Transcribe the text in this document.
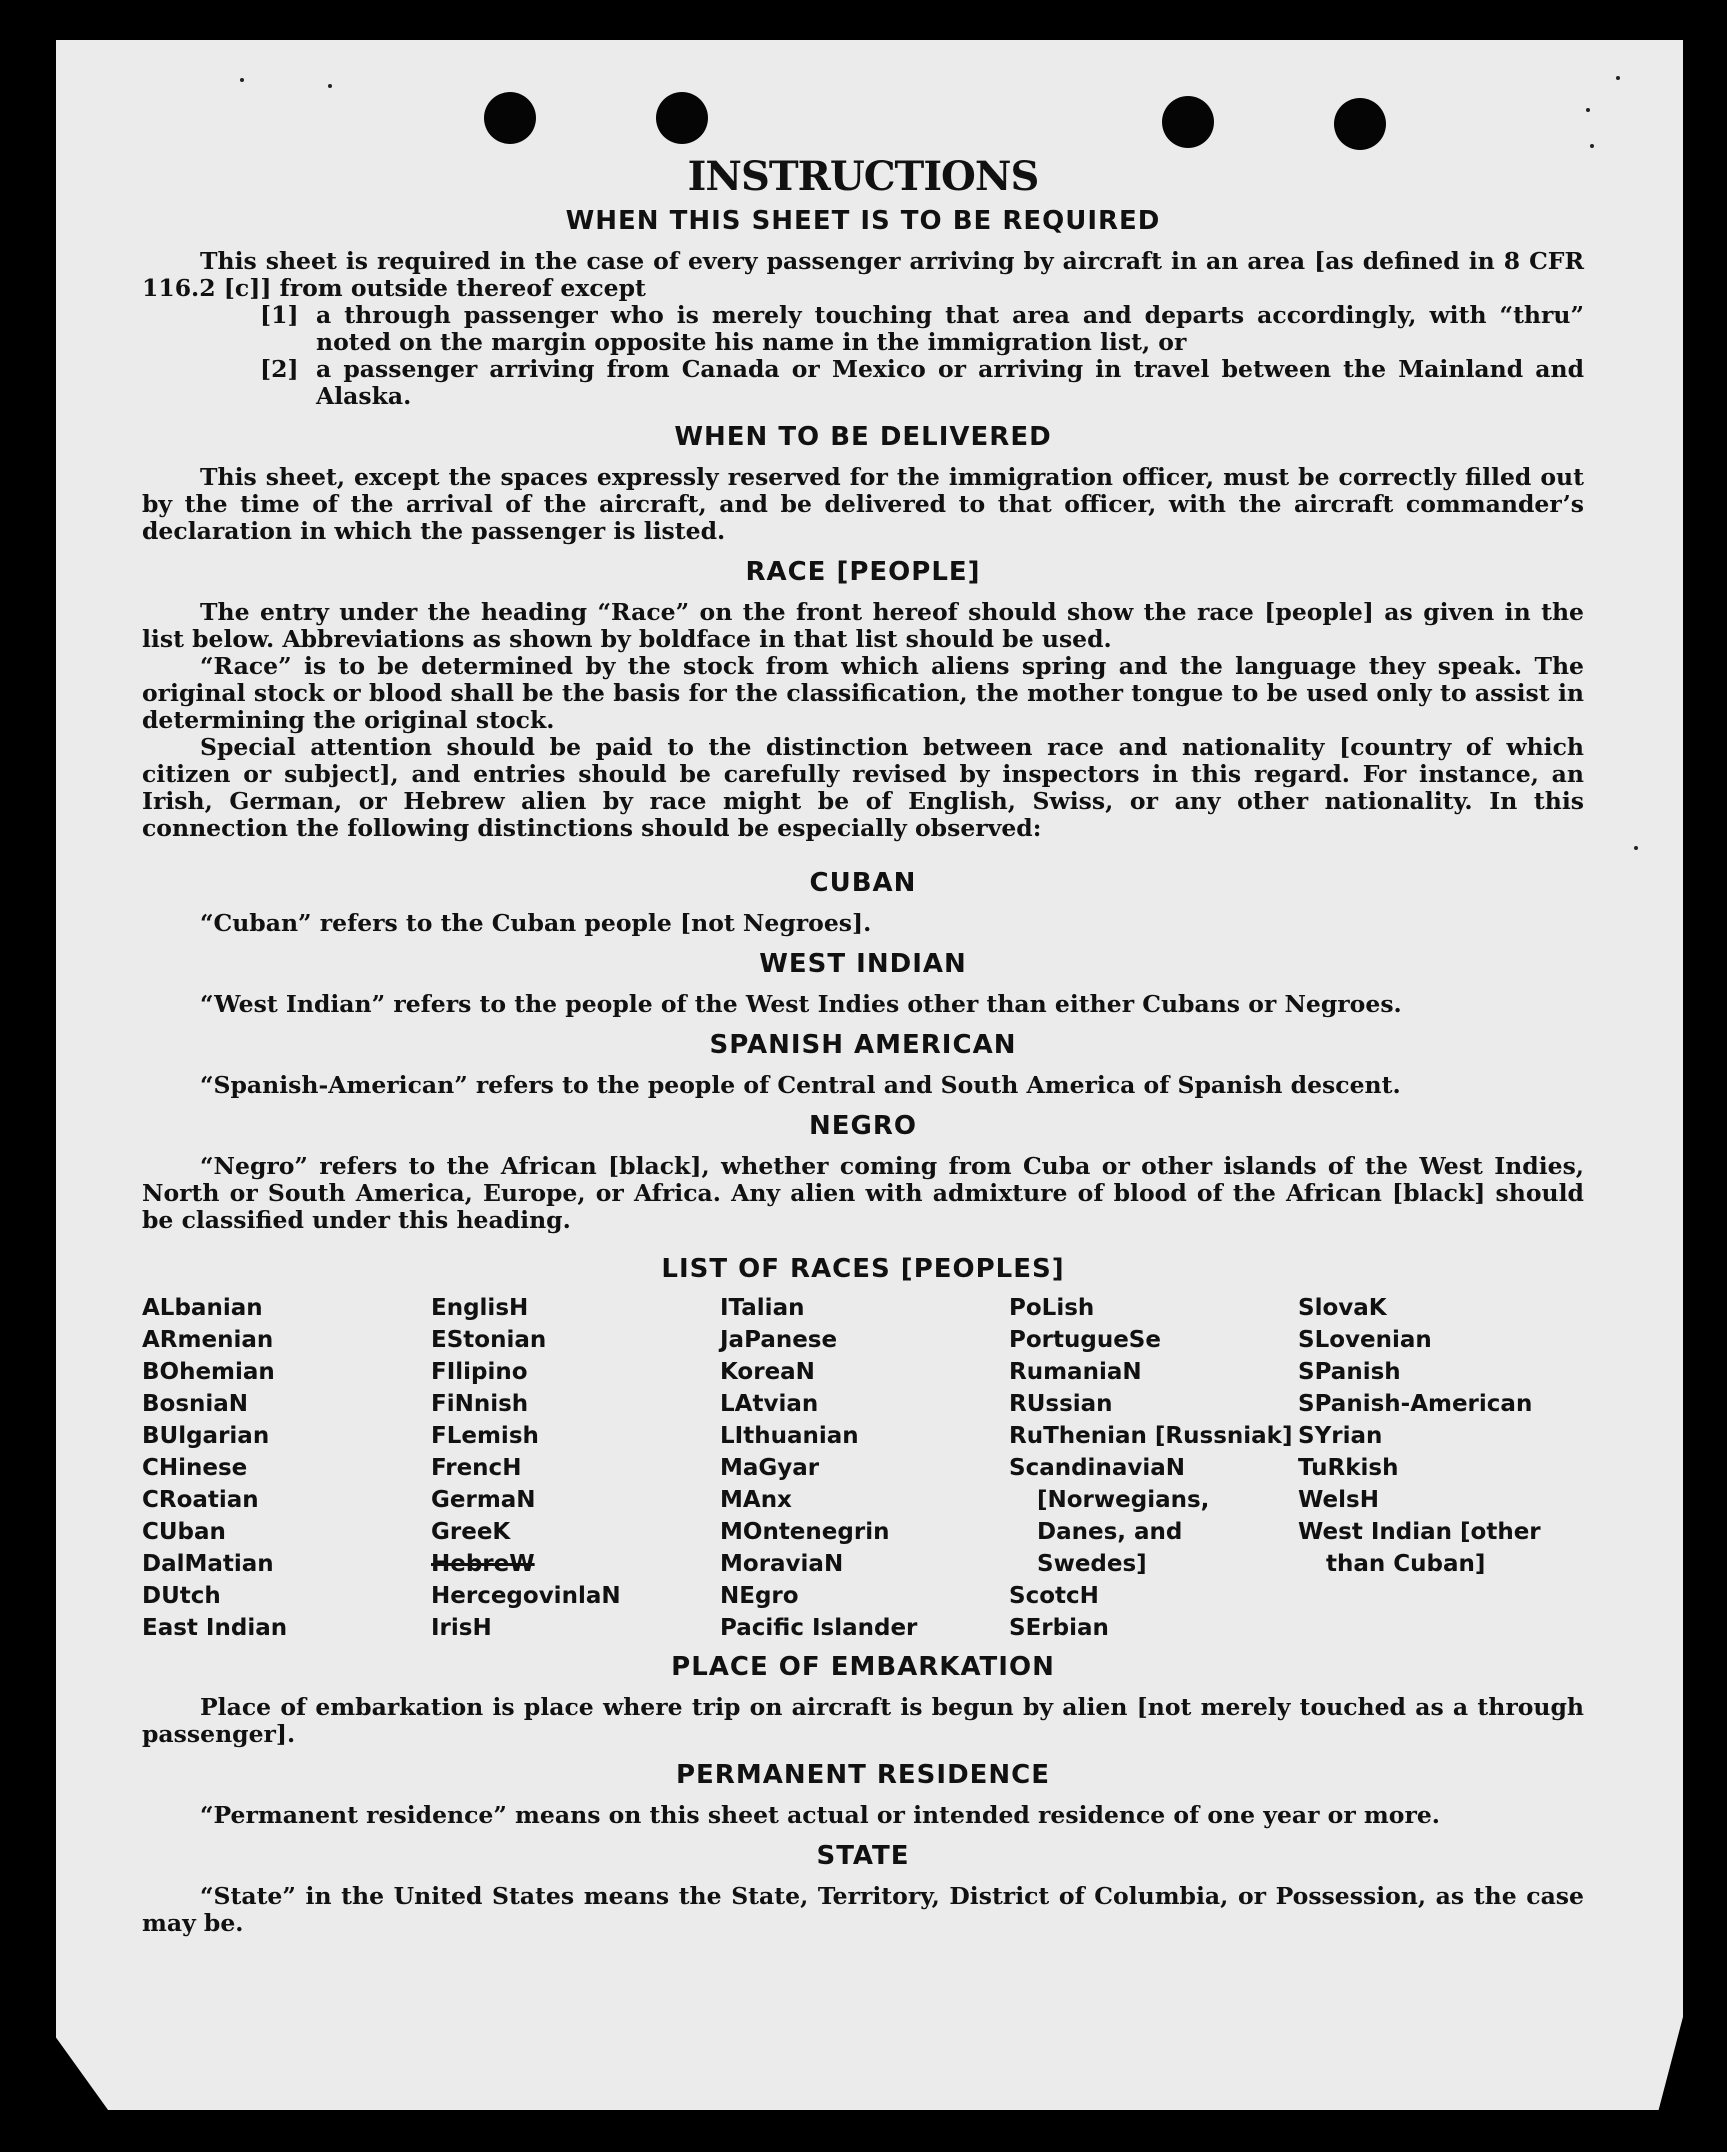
INSTRUCTIONS
WHEN THIS SHEET IS TO BE REQUIRED

This sheet is required in the case of every passenger arriving by aircraft in an area [as defined in 8 CFR 116.2 [c]] from outside thereof except

[1] a through passenger who is merely touching that area and departs accordingly, with “thru” noted on the margin opposite his name in the immigration list, or

[2] a passenger arriving from Canada or Mexico or arriving in travel between the Mainland and Alaska.

WHEN TO BE DELIVERED

This sheet, except the spaces expressly reserved for the immigration officer, must be correctly filled out by the time of the arrival of the aircraft, and be delivered to that officer, with the aircraft commander’s declaration in which the passenger is listed.

RACE [PEOPLE]

The entry under the heading “Race” on the front hereof should show the race [people] as given in the list below. Abbreviations as shown by boldface in that list should be used.

“Race” is to be determined by the stock from which aliens spring and the language they speak. The original stock or blood shall be the basis for the classification, the mother tongue to be used only to assist in determining the original stock.

Special attention should be paid to the distinction between race and nationality [country of which citizen or subject], and entries should be carefully revised by inspectors in this regard. For instance, an Irish, German, or Hebrew alien by race might be of English, Swiss, or any other nationality. In this connection the following distinctions should be especially observed:

CUBAN

“Cuban” refers to the Cuban people [not Negroes].

WEST INDIAN

“West Indian” refers to the people of the West Indies other than either Cubans or Negroes.

SPANISH AMERICAN

“Spanish-American” refers to the people of Central and South America of Spanish descent.

NEGRO

“Negro” refers to the African [black], whether coming from Cuba or other islands of the West Indies, North or South America, Europe, or Africa. Any alien with admixture of blood of the African [black] should be classified under this heading.

LIST OF RACES [PEOPLES]
ALbanian
ARmenian
BOhemian
BosniaN
BUlgarian
CHinese
CRoatian
CUban
DalMatian
DUtch
East Indian
EnglisH
EStonian
FIlipino
FiNnish
FLemish
FrencH
GermaN
GreeK
HebreW
HercegovinlaN
IrisH
ITalian
JaPanese
KoreaN
LAtvian
LIthuanian
MaGyar
MAnx
MOntenegrin
MoraviaN
NEgro
Pacific Islander
PoLish
PortugueSe
RumaniaN
RUssian
RuThenian [Russniak]
ScandinaviaN [Norwegians, Danes, and Swedes]
ScotcH
SErbian
SlovaK
SLovenian
SPanish
SPanish-American
SYrian
TuRkish
WelsH
West Indian [other than Cuban]
PLACE OF EMBARKATION

Place of embarkation is place where trip on aircraft is begun by alien [not merely touched as a through passenger].

PERMANENT RESIDENCE

“Permanent residence” means on this sheet actual or intended residence of one year or more.

STATE

“State” in the United States means the State, Territory, District of Columbia, or Possession, as the case may be.
